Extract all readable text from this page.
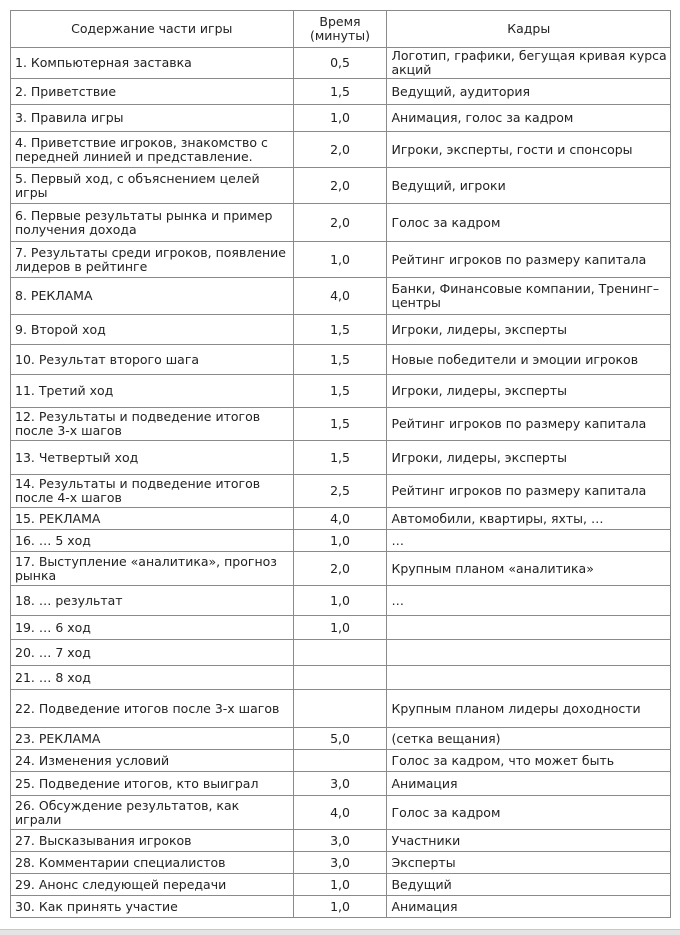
Содержание части игры	Время (минуты)	Кадры
1. Компьютерная заставка	0,5	Логотип, графики, бегущая кривая курса акций
2. Приветствие	1,5	Ведущий, аудитория
3. Правила игры	1,0	Анимация, голос за кадром
4. Приветствие игроков, знакомство с передней линией и представление.	2,0	Игроки, эксперты, гости и спонсоры
5. Первый ход, с объяснением целей игры	2,0	Ведущий, игроки
6. Первые результаты рынка и пример получения дохода	2,0	Голос за кадром
7. Результаты среди игроков, появление лидеров в рейтинге	1,0	Рейтинг игроков по размеру капитала
8. РЕКЛАМА	4,0	Банки, Финансовые компании, Тренинг–центры
9. Второй ход	1,5	Игроки, лидеры, эксперты
10. Результат второго шага	1,5	Новые победители и эмоции игроков
11. Третий ход	1,5	Игроки, лидеры, эксперты
12. Результаты и подведение итогов после 3-х шагов	1,5	Рейтинг игроков по размеру капитала
13. Четвертый ход	1,5	Игроки, лидеры, эксперты
14. Результаты и подведение итогов после 4-х шагов	2,5	Рейтинг игроков по размеру капитала
15. РЕКЛАМА	4,0	Автомобили, квартиры, яхты, …
16. … 5 ход	1,0	…
17. Выступление «аналитика», прогноз рынка	2,0	Крупным планом «аналитика»
18. … результат	1,0	…
19. … 6 ход	1,0	
20. … 7 ход		
21. … 8 ход		
22. Подведение итогов после 3-х шагов		Крупным планом лидеры доходности
23. РЕКЛАМА	5,0	(сетка вещания)
24. Изменения условий		Голос за кадром, что может быть
25. Подведение итогов, кто выиграл	3,0	Анимация
26. Обсуждение результатов, как играли	4,0	Голос за кадром
27. Высказывания игроков	3,0	Участники
28. Комментарии специалистов	3,0	Эксперты
29. Анонс следующей передачи	1,0	Ведущий
30. Как принять участие	1,0	Анимация
